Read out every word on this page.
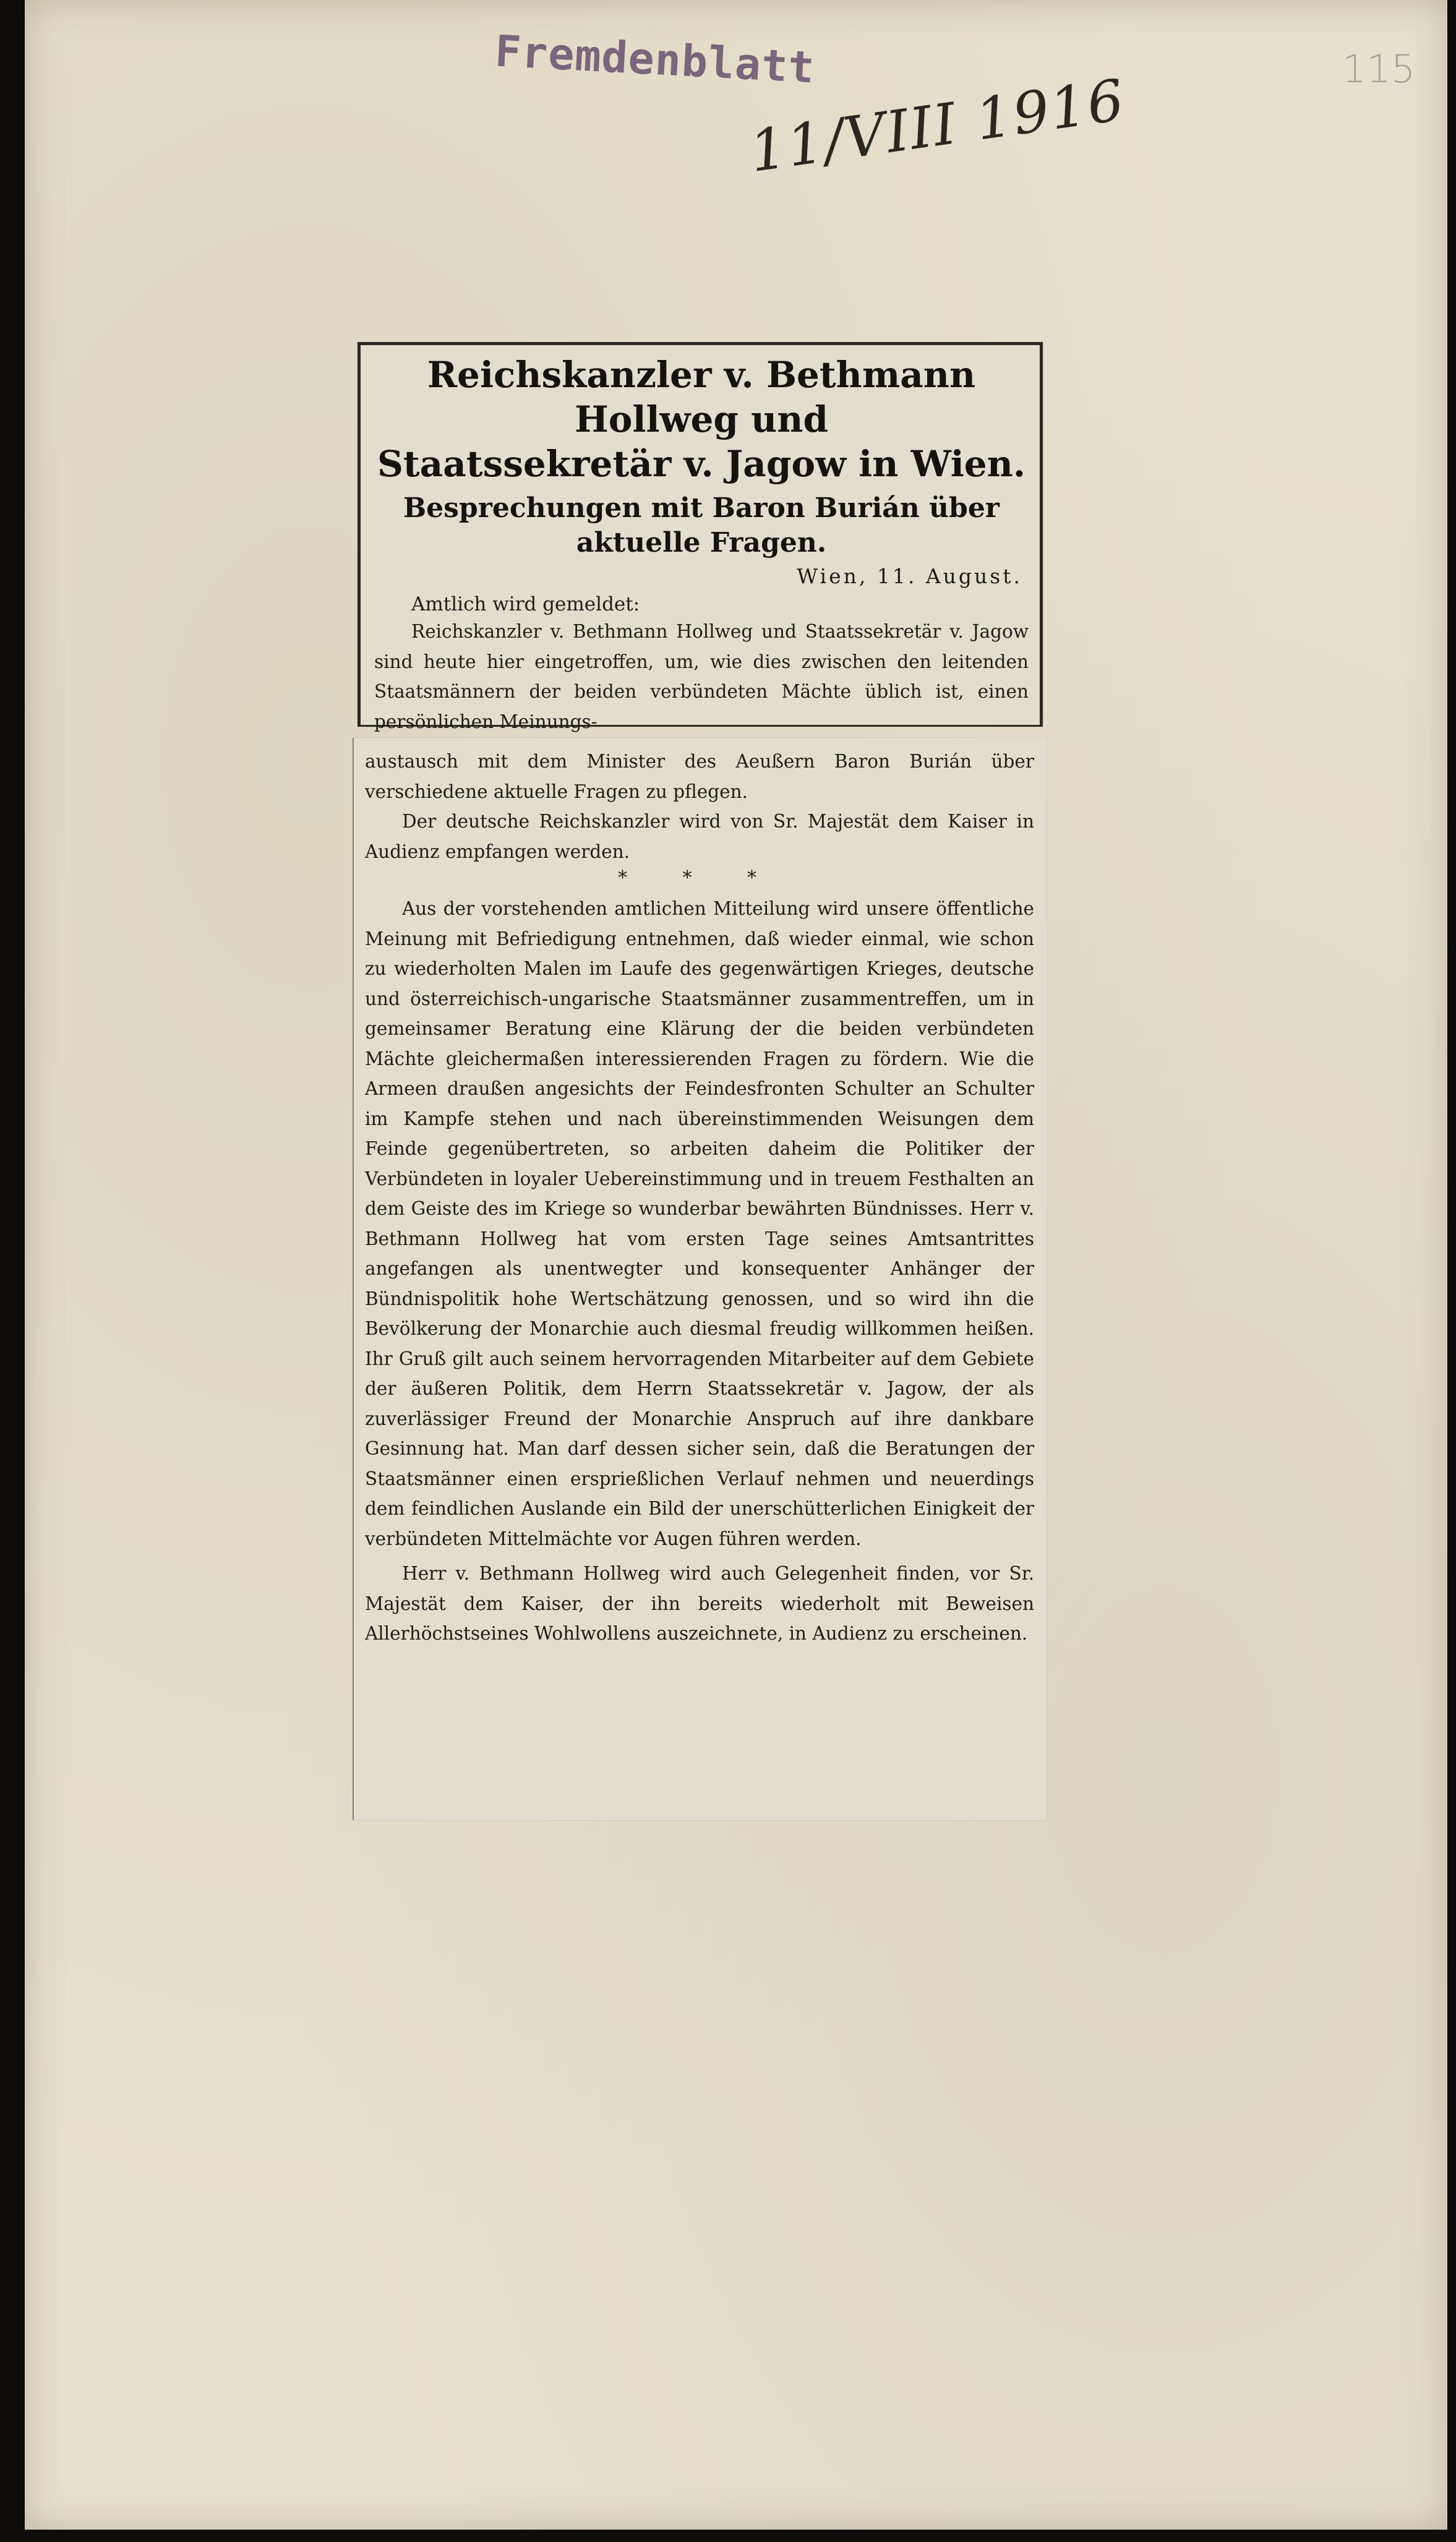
Fremdenblatt
11/VIII 1916	115

Reichskanzler v. Bethmann Hollweg und

Staatssekretär v. Jagow in Wien.

Besprechungen mit Baron Burián über aktuelle Fragen.

Wien, 11. August.

Amtlich wird gemeldet:

Reichskanzler v. Bethmann Hollweg und Staatssekretär v. Jagow sind heute hier eingetroffen, um, wie dies zwischen den leitenden Staatsmännern der beiden verbündeten Mächte üblich ist, einen persönlichen Meinungs-

austausch mit dem Minister des Aeußern Baron Burián über verschiedene aktuelle Fragen zu pflegen.

Der deutsche Reichskanzler wird von Sr. Majestät dem Kaiser in Audienz empfangen werden.

* * *

Aus der vorstehenden amtlichen Mitteilung wird unsere öffentliche Meinung mit Befriedigung entnehmen, daß wieder einmal, wie schon zu wiederholten Malen im Laufe des gegenwärtigen Krieges, deutsche und österreichisch-ungarische Staatsmänner zusammentreffen, um in gemeinsamer Beratung eine Klärung der die beiden verbündeten Mächte gleichermaßen interessierenden Fragen zu fördern. Wie die Armeen draußen angesichts der Feindesfronten Schulter an Schulter im Kampfe stehen und nach übereinstimmenden Weisungen dem Feinde gegenübertreten, so arbeiten daheim die Politiker der Verbündeten in loyaler Uebereinstimmung und in treuem Festhalten an dem Geiste des im Kriege so wunderbar bewährten Bündnisses. Herr v. Bethmann Hollweg hat vom ersten Tage seines Amtsantrittes angefangen als unentwegter und konsequenter Anhänger der Bündnispolitik hohe Wertschätzung genossen, und so wird ihn die Bevölkerung der Monarchie auch diesmal freudig willkommen heißen. Ihr Gruß gilt auch seinem hervorragenden Mitarbeiter auf dem Gebiete der äußeren Politik, dem Herrn Staatssekretär v. Jagow, der als zuverlässiger Freund der Monarchie Anspruch auf ihre dankbare Gesinnung hat. Man darf dessen sicher sein, daß die Beratungen der Staatsmänner einen ersprießlichen Verlauf nehmen und neuerdings dem feindlichen Auslande ein Bild der unerschütterlichen Einigkeit der verbündeten Mittelmächte vor Augen führen werden.

Herr v. Bethmann Hollweg wird auch Gelegenheit finden, vor Sr. Majestät dem Kaiser, der ihn bereits wiederholt mit Beweisen Allerhöchstseines Wohlwollens auszeichnete, in Audienz zu erscheinen.
